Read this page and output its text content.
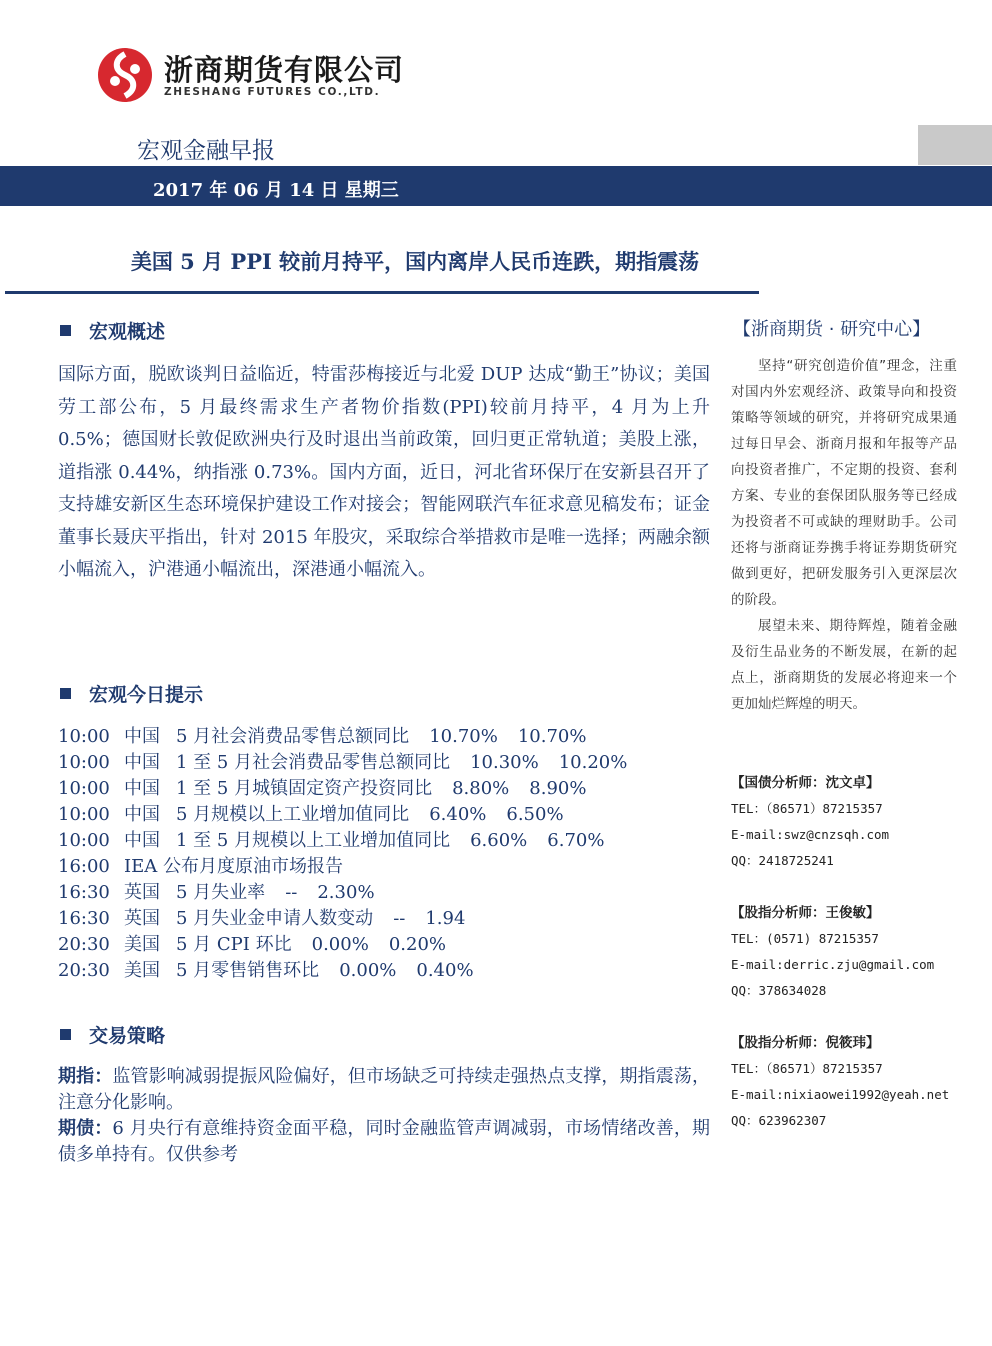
浙商期货有限公司
ZHESHANG FUTURES CO.,LTD.
宏观金融早报
2017 年 06 月 14 日 星期三
美国 5 月 PPI 较前月持平，国内离岸人民币连跌，期指震荡
宏观概述
国际方面，脱欧谈判日益临近，特雷莎梅接近与北爱 DUP 达成“勤王”协议；美国劳工部公布，5 月最终需求生产者物价指数(PPI)较前月持平，4 月为上升 0.5%；德国财长敦促欧洲央行及时退出当前政策，回归更正常轨道；美股上涨，道指涨 0.44%，纳指涨 0.73%。国内方面，近日，河北省环保厅在安新县召开了支持雄安新区生态环境保护建设工作对接会；智能网联汽车征求意见稿发布；证金董事长聂庆平指出，针对 2015 年股灾，采取综合举措救市是唯一选择；两融余额小幅流入，沪港通小幅流出，深港通小幅流入。
宏观今日提示
10:00 中国 5 月社会消费品零售总额同比 10.70% 10.70%
10:00 中国 1 至 5 月社会消费品零售总额同比 10.30% 10.20%
10:00 中国 1 至 5 月城镇固定资产投资同比 8.80% 8.90%
10:00 中国 5 月规模以上工业增加值同比 6.40% 6.50%
10:00 中国 1 至 5 月规模以上工业增加值同比 6.60% 6.70%
16:00 IEA 公布月度原油市场报告
16:30 英国 5 月失业率 -- 2.30%
16:30 英国 5 月失业金申请人数变动 -- 1.94
20:30 美国 5 月 CPI 环比 0.00% 0.20%
20:30 美国 5 月零售销售环比 0.00% 0.40%
交易策略
期指：监管影响减弱提振风险偏好，但市场缺乏可持续走强热点支撑，期指震荡，注意分化影响。
期债：6 月央行有意维持资金面平稳，同时金融监管声调减弱，市场情绪改善，期债多单持有。仅供参考
【浙商期货 · 研究中心】

坚持“研究创造价值”理念，注重对国内外宏观经济、政策导向和投资策略等领域的研究，并将研究成果通过每日早会、浙商月报和年报等产品向投资者推广，不定期的投资、套利方案、专业的套保团队服务等已经成为投资者不可或缺的理财助手。公司还将与浙商证券携手将证券期货研究做到更好，把研发服务引入更深层次的阶段。

展望未来、期待辉煌，随着金融及衍生品业务的不断发展，在新的起点上，浙商期货的发展必将迎来一个更加灿烂辉煌的明天。

【国债分析师：沈文卓】
TEL：（86571）87215357
E-mail:swz@cnzsqh.com
QQ：2418725241
【股指分析师：王俊敏】
TEL：(0571) 87215357
E-mail:derric.zju@gmail.com
QQ：378634028
【股指分析师：倪筱玮】
TEL：（86571）87215357
E-mail:nixiaowei1992@yeah.net
QQ：623962307
